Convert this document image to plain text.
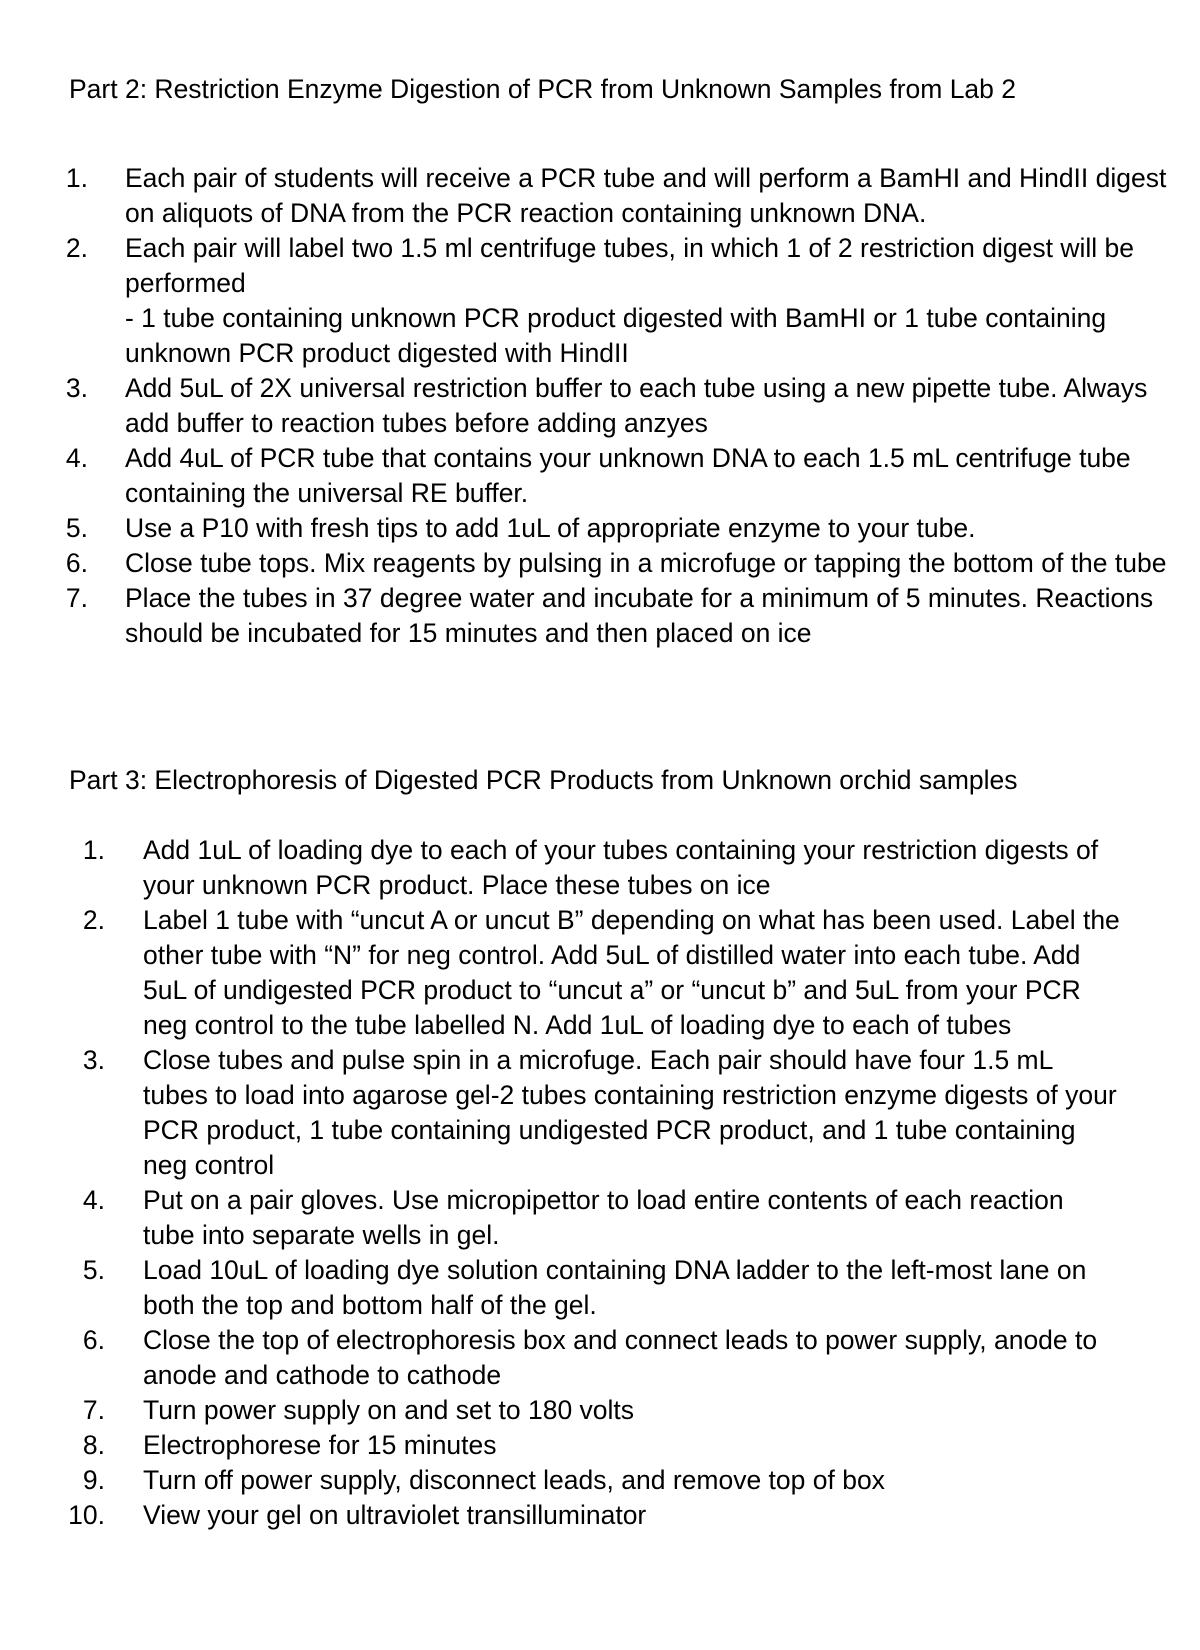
Part 2: Restriction Enzyme Digestion of PCR from Unknown Samples from Lab 2
1. Each pair of students will receive a PCR tube and will perform a BamHI and HindII digest on aliquots of DNA from the PCR reaction containing unknown DNA.
2. Each pair will label two 1.5 ml centrifuge tubes, in which 1 of 2 restriction digest will be performed
- 1 tube containing unknown PCR product digested with BamHI or 1 tube containing unknown PCR product digested with HindII
3. Add 5uL of 2X universal restriction buffer to each tube using a new pipette tube. Always add buffer to reaction tubes before adding anzyes
4. Add 4uL of PCR tube that contains your unknown DNA to each 1.5 mL centrifuge tube containing the universal RE buffer.
5. Use a P10 with fresh tips to add 1uL of appropriate enzyme to your tube.
6. Close tube tops. Mix reagents by pulsing in a microfuge or tapping the bottom of the tube
7. Place the tubes in 37 degree water and incubate for a minimum of 5 minutes. Reactions should be incubated for 15 minutes and then placed on ice
Part 3: Electrophoresis of Digested PCR Products from Unknown orchid samples
1. Add 1uL of loading dye to each of your tubes containing your restriction digests of your unknown PCR product. Place these tubes on ice
2. Label 1 tube with “uncut A or uncut B” depending on what has been used. Label the other tube with “N” for neg control. Add 5uL of distilled water into each tube. Add 5uL of undigested PCR product to “uncut a” or “uncut b” and 5uL from your PCR neg control to the tube labelled N. Add 1uL of loading dye to each of tubes
3. Close tubes and pulse spin in a microfuge. Each pair should have four 1.5 mL tubes to load into agarose gel-2 tubes containing restriction enzyme digests of your PCR product, 1 tube containing undigested PCR product, and 1 tube containing neg control
4. Put on a pair gloves. Use micropipettor to load entire contents of each reaction tube into separate wells in gel.
5. Load 10uL of loading dye solution containing DNA ladder to the left-most lane on both the top and bottom half of the gel.
6. Close the top of electrophoresis box and connect leads to power supply, anode to anode and cathode to cathode
7. Turn power supply on and set to 180 volts
8. Electrophorese for 15 minutes
9. Turn off power supply, disconnect leads, and remove top of box
10. View your gel on ultraviolet transilluminator
